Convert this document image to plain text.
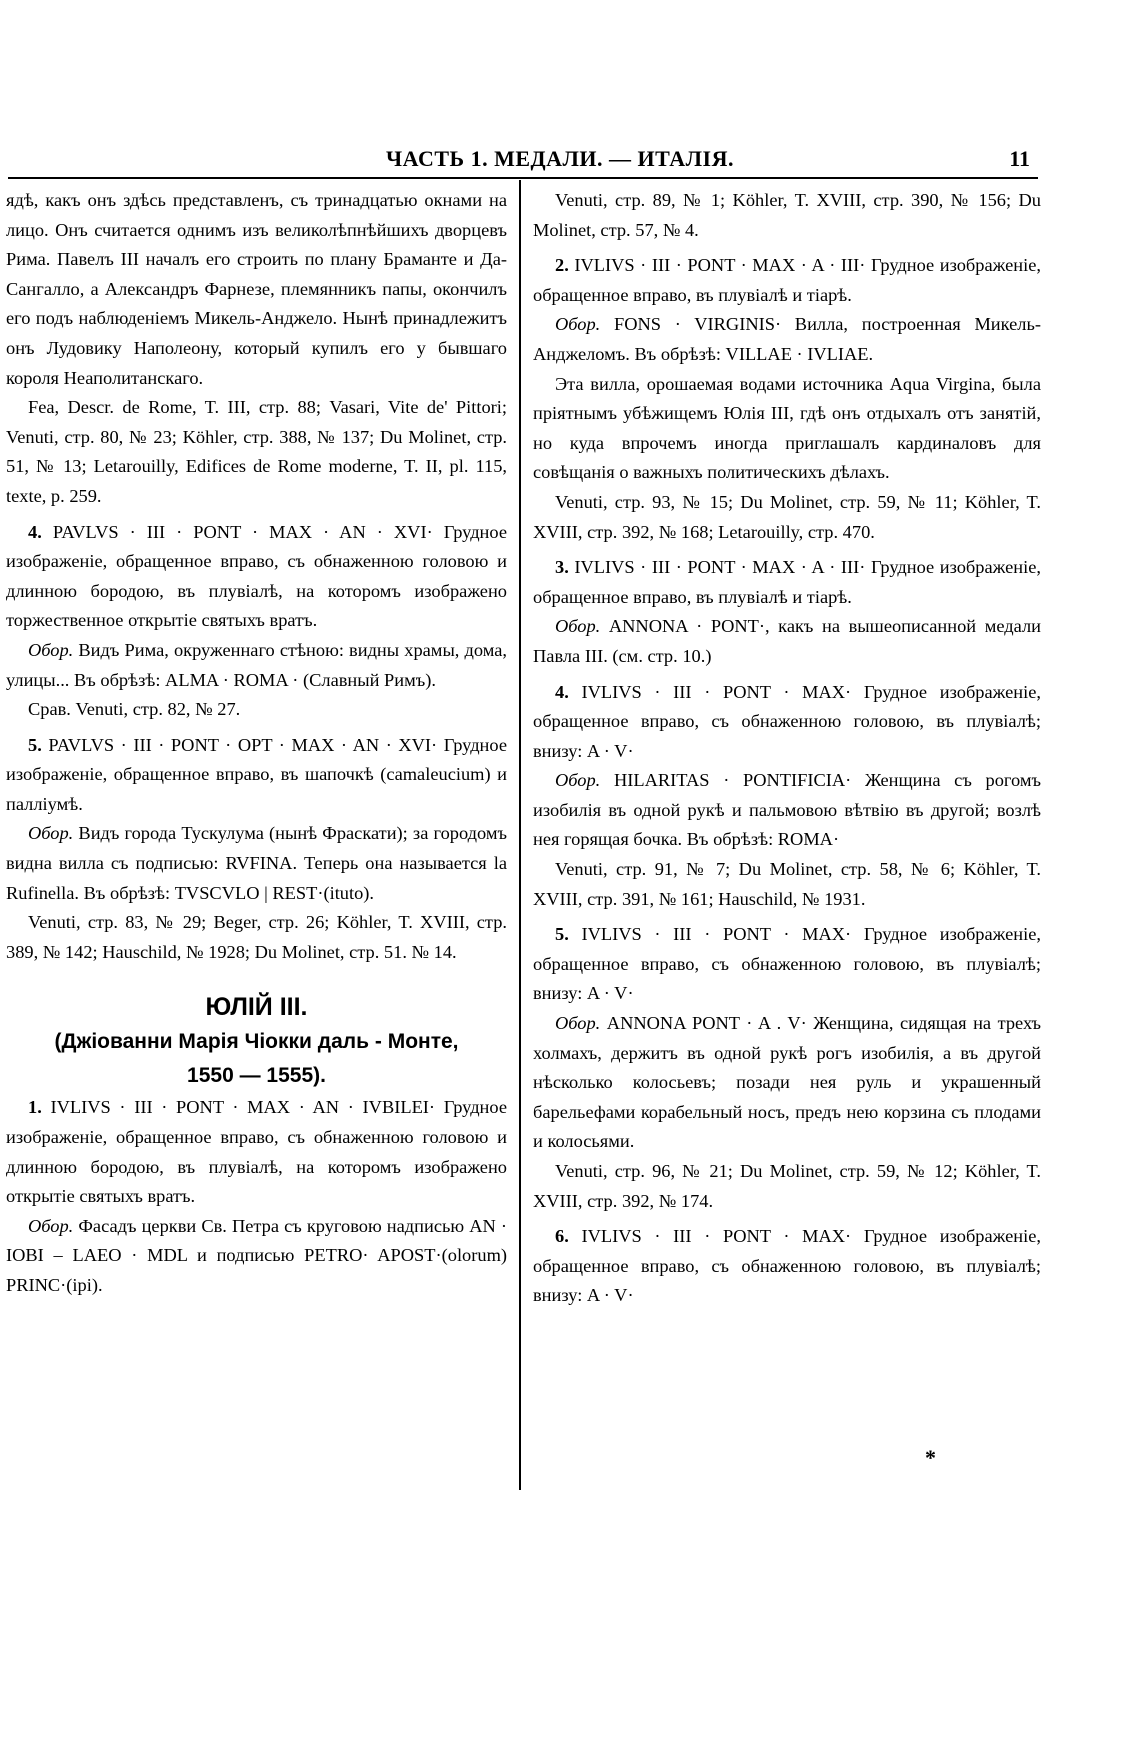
ЧАСТЬ 1. МЕДАЛИ. — ИТАЛІЯ.	11

ядѣ, какъ онъ здѣсь представленъ, съ тринадцатью окнами на лицо. Онъ считается однимъ изъ великолѣпнѣйшихъ дворцевъ Рима. Павелъ III началъ его строить по плану Браманте и Да-Сангалло, а Александръ Фарнезе, племянникъ папы, окончилъ его подъ наблюденіемъ Микель-Анджело. Нынѣ принадлежитъ онъ Лудовику Наполеону, который купилъ его у бывшаго короля Неаполитанскаго.

Fea, Descr. de Rome, T. III, стр. 88; Vasari, Vite de' Pittori; Venuti, стр. 80, № 23; Köhler, стр. 388, № 137; Du Molinet, стр. 51, № 13; Letarouilly, Edifices de Rome moderne, T. II, pl. 115, texte, p. 259.

4. PAVLVS · III · PONT · MAX · AN · XVI· Грудное изображеніе, обращенное вправо, съ обнаженною головою и длинною бородою, въ плувіалѣ, на которомъ изображено торжественное открытіе святыхъ вратъ.

Обор. Видъ Рима, окруженнаго стѣною: видны храмы, дома, улицы... Въ обрѣзѣ: ALMA · ROMA · (Славный Римъ).

Срав. Venuti, стр. 82, № 27.

5. PAVLVS · III · PONT · OPT · MAX · AN · XVI· Грудное изображеніе, обращенное вправо, въ шапочкѣ (camaleucium) и палліумѣ.

Обор. Видъ города Тускулума (нынѣ Фраскати); за городомъ видна вилла съ подписью: RVFINA. Теперь она называется la Rufinella. Въ обрѣзѣ: TVSCVLO | REST·(ituto).

Venuti, стр. 83, № 29; Beger, стр. 26; Köhler, T. XVIII, стр. 389, № 142; Hauschild, № 1928; Du Molinet, стр. 51. № 14.

ЮЛІЙ III.
(Джіованни Марія Чіокки даль - Монте,
1550 — 1555).

1. IVLIVS · III · PONT · MAX · AN · IVBILEI· Грудное изображеніе, обращенное вправо, съ обнаженною головою и длинною бородою, въ плувіалѣ, на которомъ изображено открытіе святыхъ вратъ.

Обор. Фасадъ церкви Св. Петра съ круговою надписью AN · IOBI – LAEO · MDL и подписью PETRO· APOST·(olorum) PRINC·(ipi).

Venuti, стр. 89, № 1; Köhler, T. XVIII, стр. 390, № 156; Du Molinet, стр. 57, № 4.

2. IVLIVS · III · PONT · MAX · A · III· Грудное изображеніе, обращенное вправо, въ плувіалѣ и тіарѣ.

Обор. FONS · VIRGINIS· Вилла, построенная Микель-Анджеломъ. Въ обрѣзѣ: VILLAE · IVLIAE.

Эта вилла, орошаемая водами источника Aqua Virgina, была пріятнымъ убѣжищемъ Юлія III, гдѣ онъ отдыхалъ отъ занятій, но куда впрочемъ иногда приглашалъ кардиналовъ для совѣщанія о важныхъ политическихъ дѣлахъ.

Venuti, стр. 93, № 15; Du Molinet, стр. 59, № 11; Köhler, T. XVIII, стр. 392, № 168; Letarouilly, стр. 470.

3. IVLIVS · III · PONT · MAX · A · III· Грудное изображеніе, обращенное вправо, въ плувіалѣ и тіарѣ.

Обор. ANNONA · PONT·, какъ на вышеописанной медали Павла III. (см. стр. 10.)

4. IVLIVS · III · PONT · MAX· Грудное изображеніе, обращенное вправо, съ обнаженною головою, въ плувіалѣ; внизу: A · V·

Обор. HILARITAS · PONTIFICIA· Женщина съ рогомъ изобилія въ одной рукѣ и пальмовою вѣтвію въ другой; возлѣ нея горящая бочка. Въ обрѣзѣ: ROMA·

Venuti, стр. 91, № 7; Du Molinet, стр. 58, № 6; Köhler, T. XVIII, стр. 391, № 161; Hauschild, № 1931.

5. IVLIVS · III · PONT · MAX· Грудное изображеніе, обращенное вправо, съ обнаженною головою, въ плувіалѣ; внизу: A · V·

Обор. ANNONA PONT · A . V· Женщина, сидящая на трехъ холмахъ, держитъ въ одной рукѣ рогъ изобилія, а въ другой нѣсколько колосьевъ; позади нея руль и украшенный барельефами корабельный носъ, предъ нею корзина съ плодами и колосьями.

Venuti, стр. 96, № 21; Du Molinet, стр. 59, № 12; Köhler, T. XVIII, стр. 392, № 174.

6. IVLIVS · III · PONT · MAX· Грудное изображеніе, обращенное вправо, съ обнаженною головою, въ плувіалѣ; внизу: A · V·

*
